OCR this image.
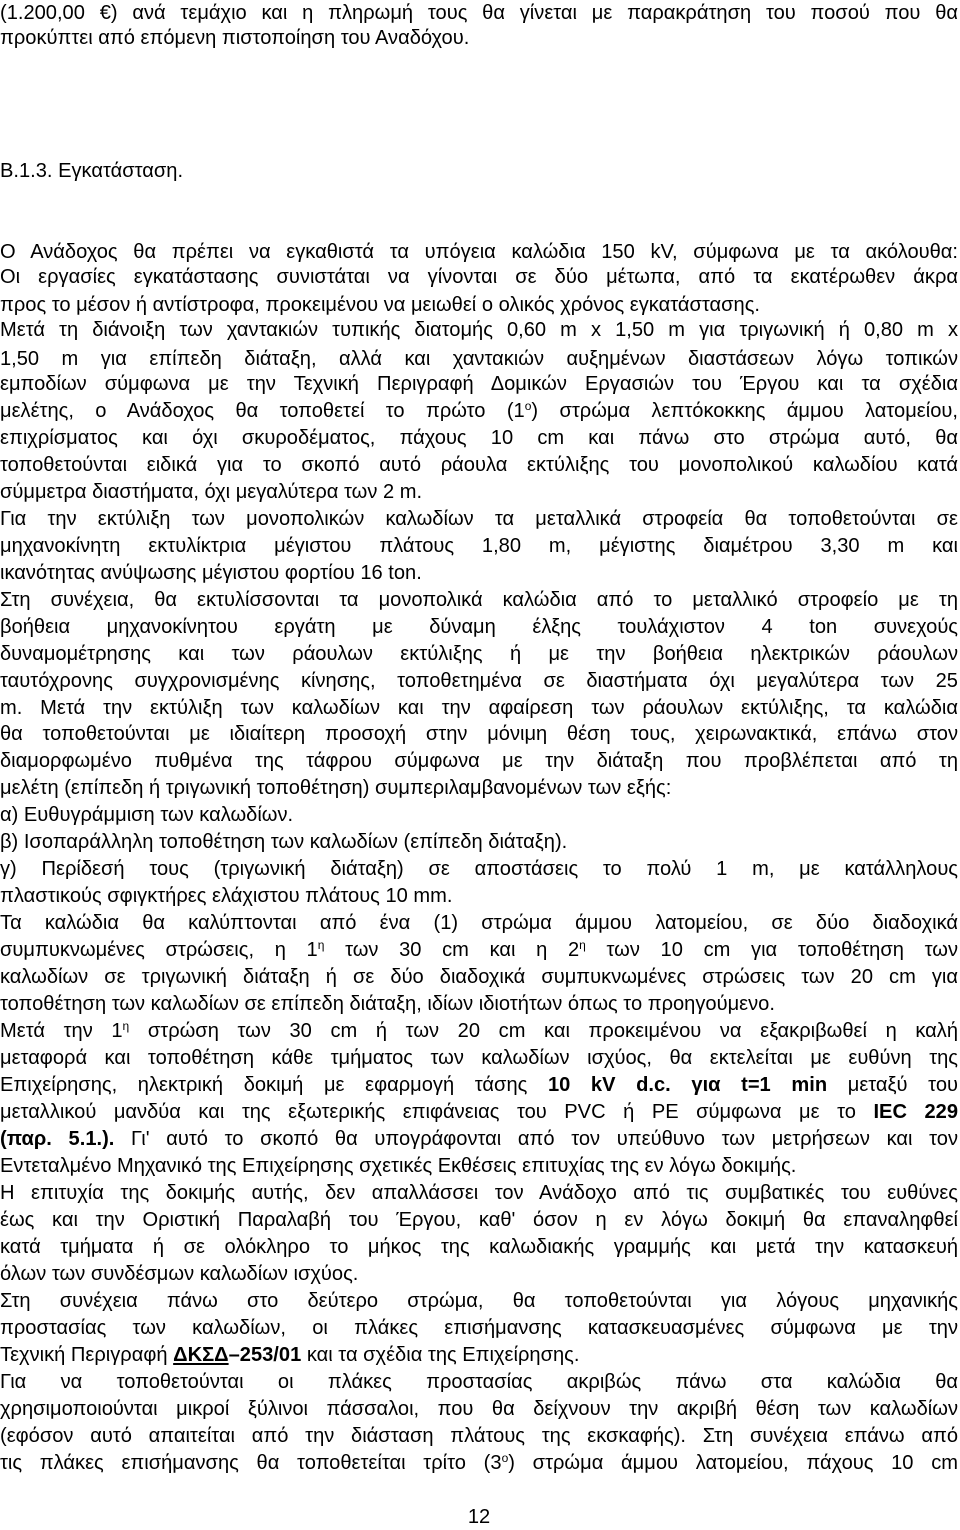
(1.200,00 €) ανά τεμάχιο και η πληρωμή τους θα γίνεται με παρακράτηση του ποσού που θα
προκύπτει από επόμενη πιστοποίηση του Αναδόχου.
Β.1.3. Εγκατάσταση.
Ο Ανάδοχος θα πρέπει να εγκαθιστά τα υπόγεια καλώδια 150 kV, σύμφωνα με τα ακόλουθα:
Οι εργασίες εγκατάστασης συνιστάται να γίνονται σε δύο μέτωπα, από τα εκατέρωθεν άκρα
προς το μέσον ή αντίστροφα, προκειμένου να μειωθεί ο ολικός χρόνος εγκατάστασης.
Μετά τη διάνοιξη των χαντακιών τυπικής διατομής 0,60 m x 1,50 m για τριγωνική ή 0,80 m x
1,50 m για επίπεδη διάταξη, αλλά και χαντακιών αυξημένων διαστάσεων λόγω τοπικών
εμποδίων σύμφωνα με την Τεχνική Περιγραφή Δομικών Εργασιών του Έργου και τα σχέδια
μελέτης, ο Ανάδοχος θα τοποθετεί το πρώτο $(1^o)$ στρώμα λεπτόκοκκης άμμου λατομείου,
επιχρίσματος και όχι σκυροδέματος, πάχους 10 cm και πάνω στο στρώμα αυτό, θα
τοποθετούνται ειδικά για το σκοπό αυτό ράουλα εκτύλιξης του μονοπολικού καλωδίου κατά
σύμμετρα διαστήματα, όχι μεγαλύτερα των 2 m.
Για την εκτύλιξη των μονοπολικών καλωδίων τα μεταλλικά στροφεία θα τοποθετούνται σε
μηχανοκίνητη εκτυλίκτρια μέγιστου πλάτους 1,80 m, μέγιστης διαμέτρου 3,30 m και
ικανότητας ανύψωσης μέγιστου φορτίου 16 ton.
Στη συνέχεια, θα εκτυλίσσονται τα μονοπολικά καλώδια από το μεταλλικό στροφείο με τη
βοήθεια μηχανοκίνητου εργάτη με δύναμη έλξης τουλάχιστον 4 ton συνεχούς
δυναμομέτρησης και των ράουλων εκτύλιξης ή με την βοήθεια ηλεκτρικών ράουλων
ταυτόχρονης συγχρονισμένης κίνησης, τοποθετημένα σε διαστήματα όχι μεγαλύτερα των 25
m. Μετά την εκτύλιξη των καλωδίων και την αφαίρεση των ράουλων εκτύλιξης, τα καλώδια
θα τοποθετούνται με ιδιαίτερη προσοχή στην μόνιμη θέση τους, χειρωνακτικά, επάνω στον
διαμορφωμένο πυθμένα της τάφρου σύμφωνα με την διάταξη που προβλέπεται από τη
μελέτη (επίπεδη ή τριγωνική τοποθέτηση) συμπεριλαμβανομένων των εξής:
α) Ευθυγράμμιση των καλωδίων.
β) Ισοπαράλληλη τοποθέτηση των καλωδίων (επίπεδη διάταξη).
γ) Περίδεσή τους (τριγωνική διάταξη) σε αποστάσεις το πολύ 1 m, με κατάλληλους
πλαστικούς σφιγκτήρες ελάχιστου πλάτους 10 mm.
Τα καλώδια θα καλύπτονται από ένα (1) στρώμα άμμου λατομείου, σε δύο διαδοχικά
συμπυκνωμένες στρώσεις, η $1^\eta$ των 30 cm και η $2^\eta$ των 10 cm για τοποθέτηση των
καλωδίων σε τριγωνική διάταξη ή σε δύο διαδοχικά συμπυκνωμένες στρώσεις των 20 cm για
τοποθέτηση των καλωδίων σε επίπεδη διάταξη, ιδίων ιδιοτήτων όπως το προηγούμενο.
Μετά την $1^\eta$ στρώση των 30 cm ή των 20 cm και προκειμένου να εξακριβωθεί η καλή
μεταφορά και τοποθέτηση κάθε τμήματος των καλωδίων ισχύος, θα εκτελείται με ευθύνη της
Επιχείρησης, ηλεκτρική δοκιμή με εφαρμογή τάσης 10 kV d.c. για t=1 min μεταξύ του
μεταλλικού μανδύα και της εξωτερικής επιφάνειας του PVC ή PE σύμφωνα με το IEC 229
(παρ. 5.1.). Γι' αυτό το σκοπό θα υπογράφονται από τον υπεύθυνο των μετρήσεων και τον
Εντεταλμένο Μηχανικό της Επιχείρησης σχετικές Εκθέσεις επιτυχίας της εν λόγω δοκιμής.
Η επιτυχία της δοκιμής αυτής, δεν απαλλάσσει τον Ανάδοχο από τις συμβατικές του ευθύνες
έως και την Οριστική Παραλαβή του Έργου, καθ' όσον η εν λόγω δοκιμή θα επαναληφθεί
κατά τμήματα ή σε ολόκληρο το μήκος της καλωδιακής γραμμής και μετά την κατασκευή
όλων των συνδέσμων καλωδίων ισχύος.
Στη συνέχεια πάνω στο δεύτερο στρώμα, θα τοποθετούνται για λόγους μηχανικής
προστασίας των καλωδίων, οι πλάκες επισήμανσης κατασκευασμένες σύμφωνα με την
Τεχνική Περιγραφή ΔΚΣΔ–253/01 και τα σχέδια της Επιχείρησης.
Για να τοποθετούνται οι πλάκες προστασίας ακριβώς πάνω στα καλώδια θα
χρησιμοποιούνται μικροί ξύλινοι πάσσαλοι, που θα δείχνουν την ακριβή θέση των καλωδίων
(εφόσον αυτό απαιτείται από την διάσταση πλάτους της εκσκαφής). Στη συνέχεια επάνω από
τις πλάκες επισήμανσης θα τοποθετείται τρίτο $(3^o)$ στρώμα άμμου λατομείου, πάχους 10 cm
12
